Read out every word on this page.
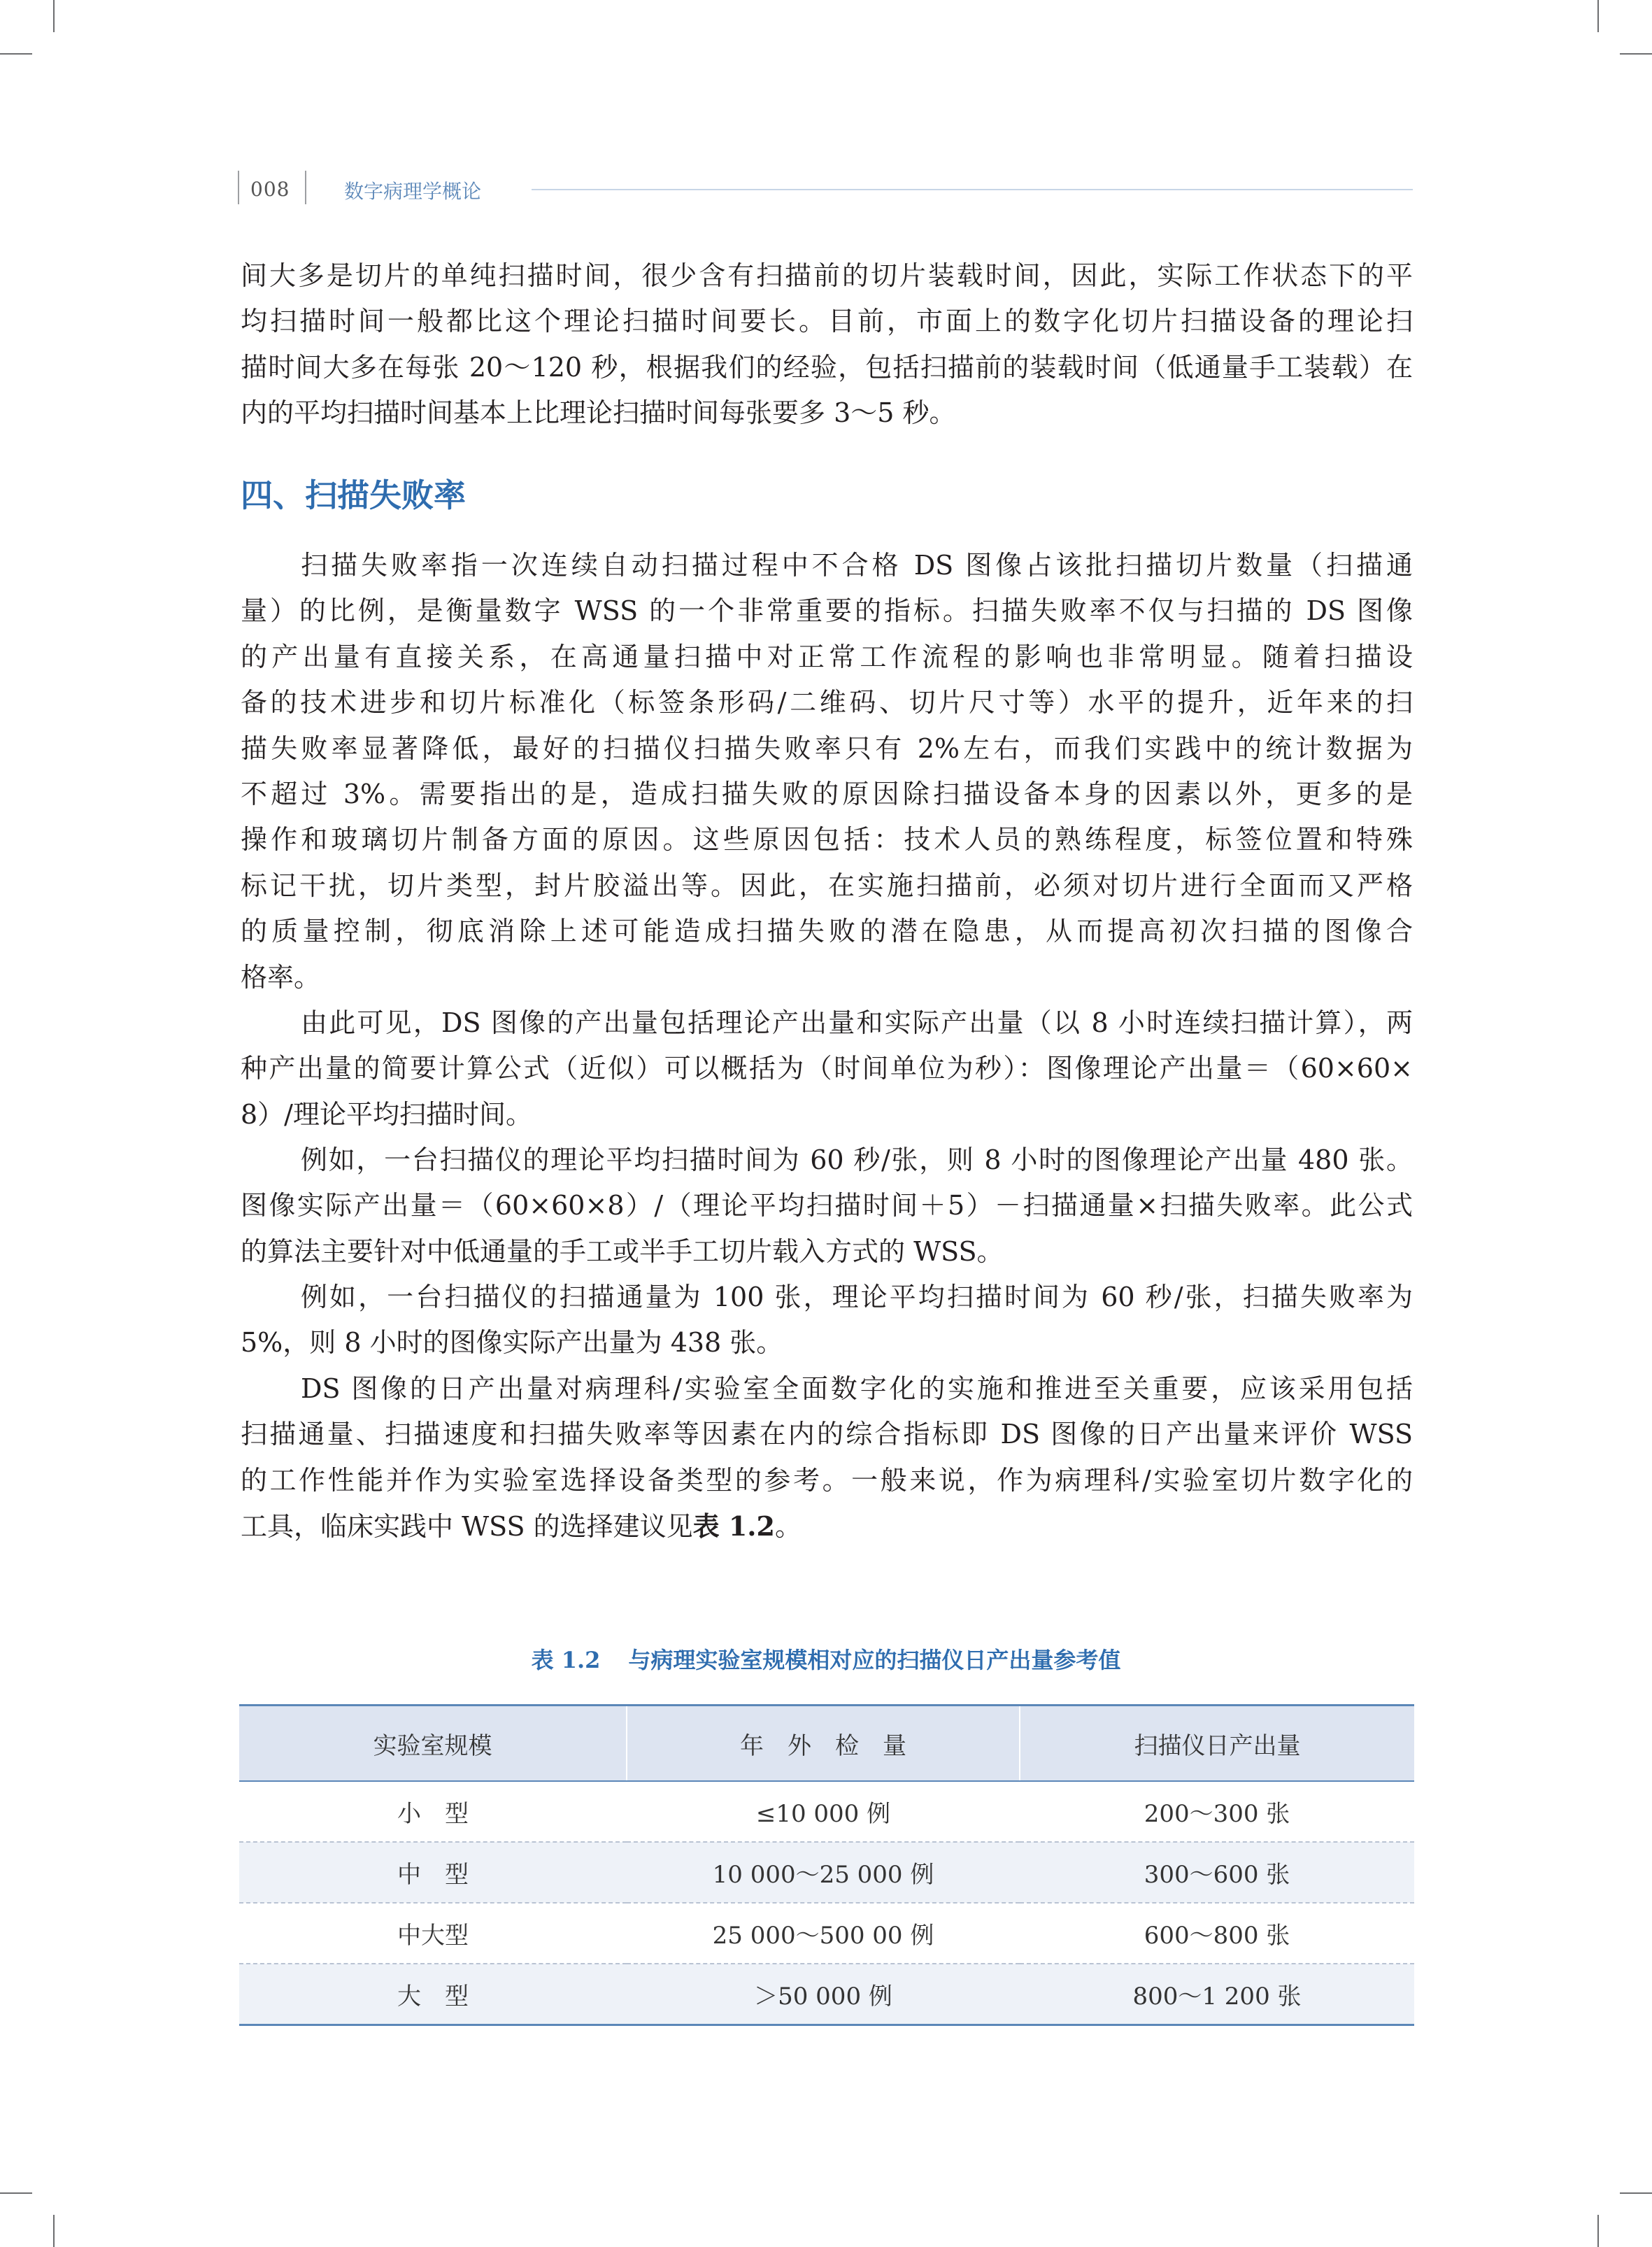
008	数字病理学概论

间大多是切片的单纯扫描时间，很少含有扫描前的切片装载时间，因此，实际工作状态下的平

均扫描时间一般都比这个理论扫描时间要长。目前，市面上的数字化切片扫描设备的理论扫

描时间大多在每张 20～120 秒，根据我们的经验，包括扫描前的装载时间（低通量手工装载）在

内的平均扫描时间基本上比理论扫描时间每张要多 3～5 秒。

四、扫描失败率

扫描失败率指一次连续自动扫描过程中不合格 DS 图像占该批扫描切片数量（扫描通

量）的比例，是衡量数字 WSS 的一个非常重要的指标。扫描失败率不仅与扫描的 DS 图像

的产出量有直接关系，在高通量扫描中对正常工作流程的影响也非常明显。随着扫描设

备的技术进步和切片标准化（标签条形码/二维码、切片尺寸等）水平的提升，近年来的扫

描失败率显著降低，最好的扫描仪扫描失败率只有 2%左右，而我们实践中的统计数据为

不超过 3%。需要指出的是，造成扫描失败的原因除扫描设备本身的因素以外，更多的是

操作和玻璃切片制备方面的原因。这些原因包括：技术人员的熟练程度，标签位置和特殊

标记干扰，切片类型，封片胶溢出等。因此，在实施扫描前，必须对切片进行全面而又严格

的质量控制，彻底消除上述可能造成扫描失败的潜在隐患，从而提高初次扫描的图像合

格率。

由此可见，DS 图像的产出量包括理论产出量和实际产出量（以 8 小时连续扫描计算），两

种产出量的简要计算公式（近似）可以概括为（时间单位为秒）：图像理论产出量＝（60×60×

8）/理论平均扫描时间。

例如，一台扫描仪的理论平均扫描时间为 60 秒/张，则 8 小时的图像理论产出量 480 张。

图像实际产出量＝（60×60×8）/（理论平均扫描时间＋5）－扫描通量×扫描失败率。此公式

的算法主要针对中低通量的手工或半手工切片载入方式的 WSS。

例如，一台扫描仪的扫描通量为 100 张，理论平均扫描时间为 60 秒/张，扫描失败率为

5%，则 8 小时的图像实际产出量为 438 张。

DS 图像的日产出量对病理科/实验室全面数字化的实施和推进至关重要，应该采用包括

扫描通量、扫描速度和扫描失败率等因素在内的综合指标即 DS 图像的日产出量来评价 WSS

的工作性能并作为实验室选择设备类型的参考。一般来说，作为病理科/实验室切片数字化的

工具，临床实践中 WSS 的选择建议见表 1.2。

表 1.2 与病理实验室规模相对应的扫描仪日产出量参考值
实验室规模	年　外　检　量	扫描仪日产出量
小　型	≤10 000 例	200～300 张
中　型	10 000～25 000 例	300～600 张
中大型	25 000～500 00 例	600～800 张
大　型	＞50 000 例	800～1 200 张
